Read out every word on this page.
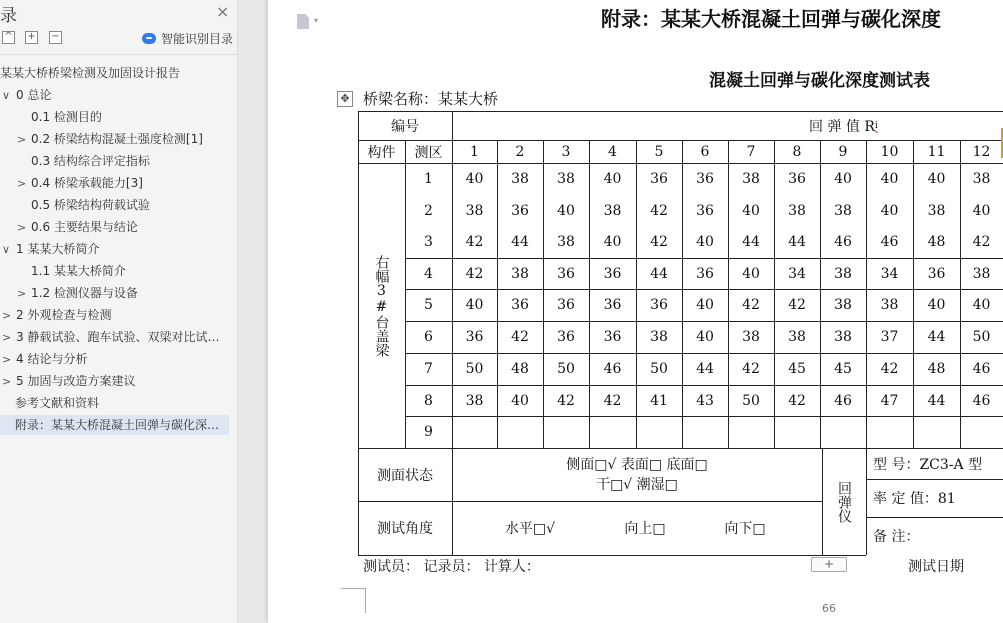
录	×
^ + −	智能识别目录
某某大桥桥梁检测及加固设计报告
∨ 0 总论
0.1 检测目的
> 0.2 桥梁结构混凝土强度检测[1]
0.3 结构综合评定指标
> 0.4 桥梁承载能力[3]
0.5 桥梁结构荷载试验
> 0.6 主要结果与结论
∨ 1 某某大桥简介
1.1 某某大桥简介
> 1.2 检测仪器与设备
> 2 外观检查与检测
> 3 静载试验、跑车试验、双梁对比试…
> 4 结论与分析
> 5 加固与改造方案建议
参考文献和资料
附录：某某大桥混凝土回弹与碳化深…
▾	附录：某某大桥混凝土回弹与碳化深度
混凝土回弹与碳化深度测试表
✥ 桥梁名称：某某大桥
编号	回 弹 值 R i
构件	测区	1	2	3	4	5	6	7	8	9	10	11	12
右幅3#台盖梁
1	40	38	38	40	36	36	38	36	40	40	40	38
2	38	36	40	38	42	36	40	38	38	40	38	40
3	42	44	38	40	42	40	44	44	46	46	48	42
4	42	38	36	36	44	36	40	34	38	34	36	38
5	40	36	36	36	36	40	42	42	38	38	40	40
6	36	42	36	36	38	40	38	38	38	37	44	50
7	50	48	50	46	50	44	42	45	45	42	48	46
8	38	40	42	42	41	43	50	42	46	47	44	46
9
测面状态
侧面□√ 表面□ 底面□
干□√ 潮湿□
测试角度	水平□√	向上□	向下□
回弹仪
型 号：ZC3-A 型
率 定 值：81
备 注：
测试员： 记录员： 计算人：	+
66
测试日期
